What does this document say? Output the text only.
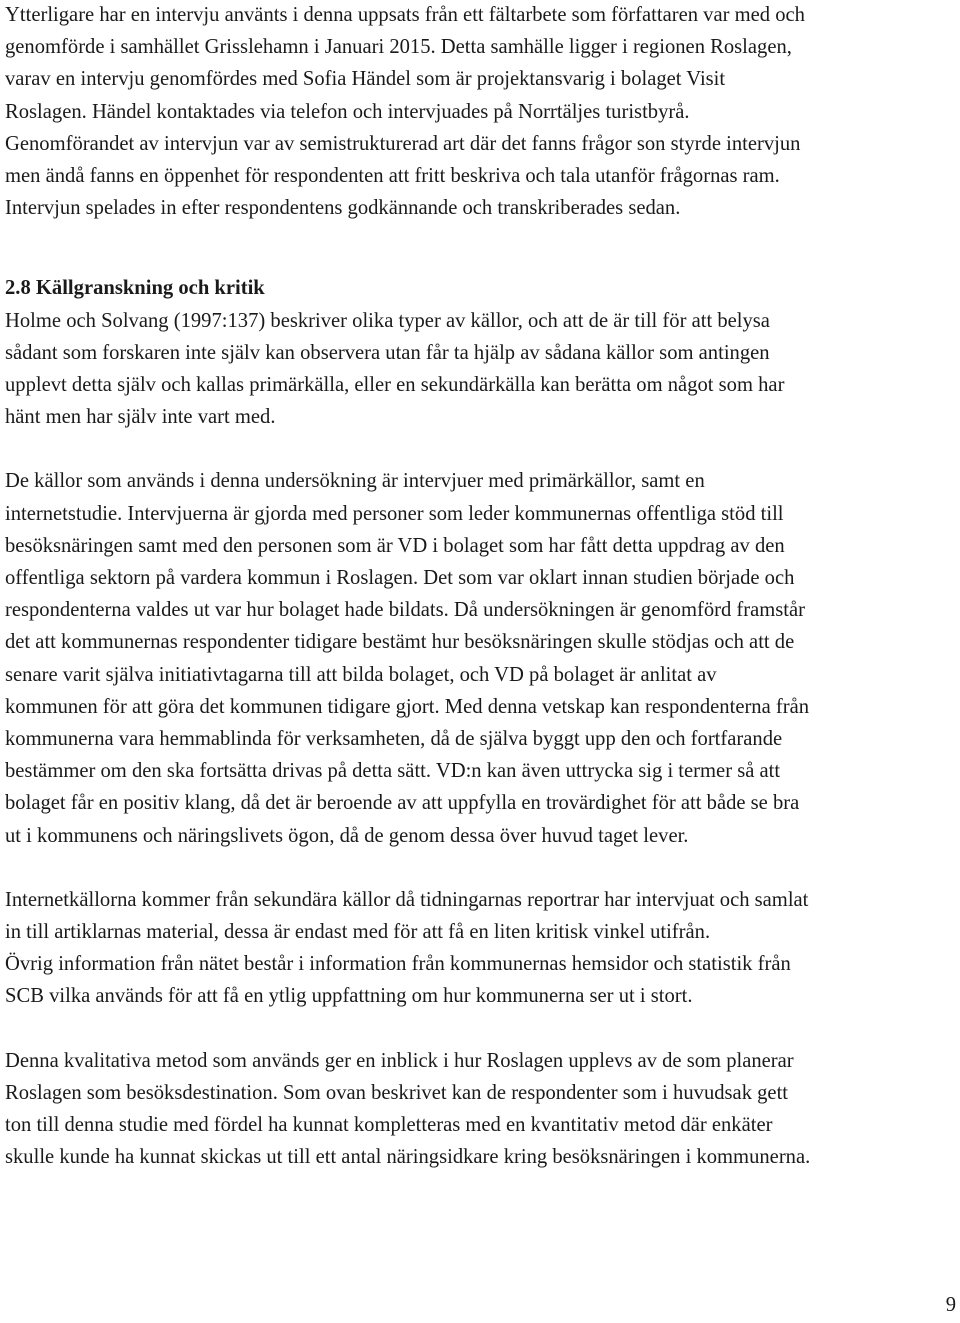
Ytterligare har en intervju använts i denna uppsats från ett fältarbete som författaren var med och
genomförde i samhället Grisslehamn i Januari 2015. Detta samhälle ligger i regionen Roslagen,
varav en intervju genomfördes med Sofia Händel som är projektansvarig i bolaget Visit
Roslagen. Händel kontaktades via telefon och intervjuades på Norrtäljes turistbyrå.
Genomförandet av intervjun var av semistrukturerad art där det fanns frågor son styrde intervjun
men ändå fanns en öppenhet för respondenten att fritt beskriva och tala utanför frågornas ram.
Intervjun spelades in efter respondentens godkännande och transkriberades sedan.

2.8 Källgranskning och kritik
Holme och Solvang (1997:137) beskriver olika typer av källor, och att de är till för att belysa
sådant som forskaren inte själv kan observera utan får ta hjälp av sådana källor som antingen
upplevt detta själv och kallas primärkälla, eller en sekundärkälla kan berätta om något som har
hänt men har själv inte vart med.

De källor som används i denna undersökning är intervjuer med primärkällor, samt en
internetstudie. Intervjuerna är gjorda med personer som leder kommunernas offentliga stöd till
besöksnäringen samt med den personen som är VD i bolaget som har fått detta uppdrag av den
offentliga sektorn på vardera kommun i Roslagen. Det som var oklart innan studien började och
respondenterna valdes ut var hur bolaget hade bildats. Då undersökningen är genomförd framstår
det att kommunernas respondenter tidigare bestämt hur besöksnäringen skulle stödjas och att de
senare varit själva initiativtagarna till att bilda bolaget, och VD på bolaget är anlitat av
kommunen för att göra det kommunen tidigare gjort. Med denna vetskap kan respondenterna från
kommunerna vara hemmablinda för verksamheten, då de själva byggt upp den och fortfarande
bestämmer om den ska fortsätta drivas på detta sätt. VD:n kan även uttrycka sig i termer så att
bolaget får en positiv klang, då det är beroende av att uppfylla en trovärdighet för att både se bra
ut i kommunens och näringslivets ögon, då de genom dessa över huvud taget lever.

Internetkällorna kommer från sekundära källor då tidningarnas reportrar har intervjuat och samlat
in till artiklarnas material, dessa är endast med för att få en liten kritisk vinkel utifrån.
Övrig information från nätet består i information från kommunernas hemsidor och statistik från
SCB vilka används för att få en ytlig uppfattning om hur kommunerna ser ut i stort.

Denna kvalitativa metod som används ger en inblick i hur Roslagen upplevs av de som planerar
Roslagen som besöksdestination. Som ovan beskrivet kan de respondenter som i huvudsak gett
ton till denna studie med fördel ha kunnat kompletteras med en kvantitativ metod där enkäter
skulle kunde ha kunnat skickas ut till ett antal näringsidkare kring besöksnäringen i kommunerna.

9
